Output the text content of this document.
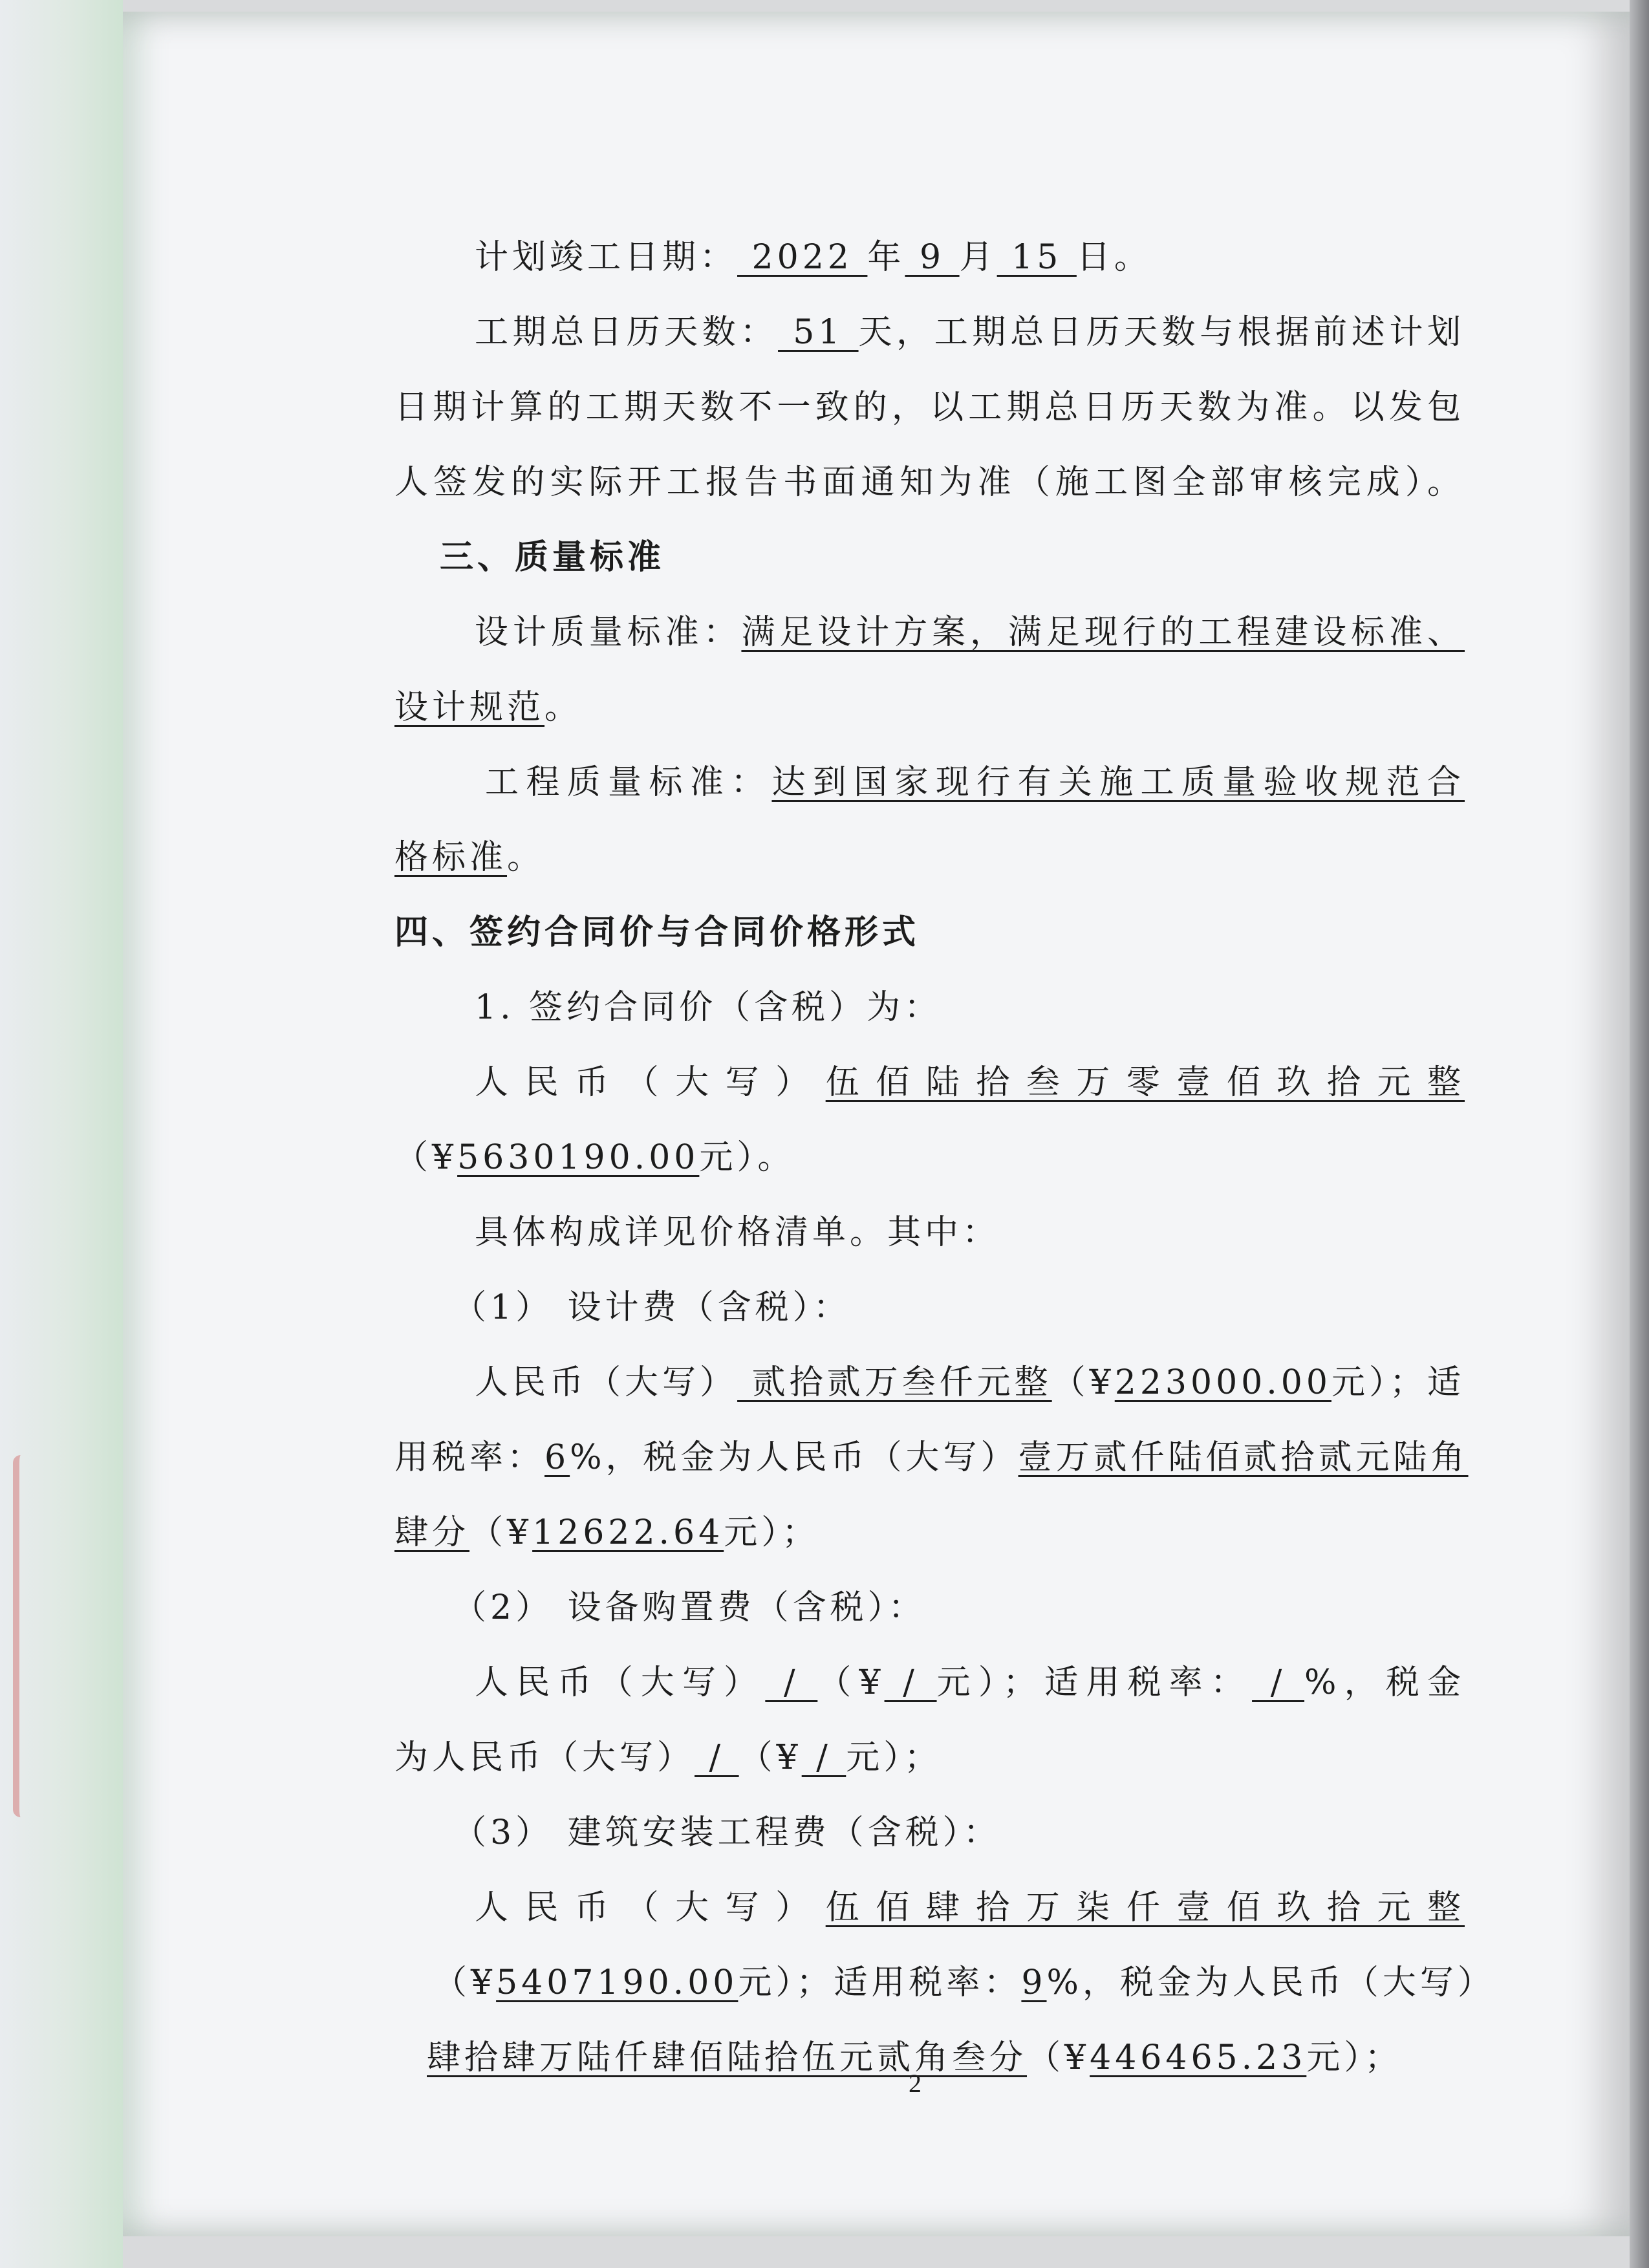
计划竣工日期： 2022 年 9 月 15 日。
工期总日历天数： 51 天，工期总日历天数与根据前述计划
日期计算的工期天数不一致的，以工期总日历天数为准。以发包
人签发的实际开工报告书面通知为准（施工图全部审核完成）。
三、质量标准
设计质量标准：满足设计方案，满足现行的工程建设标准、
设计规范。
工程质量标准：达到国家现行有关施工质量验收规范合
格标准。
四、签约合同价与合同价格形式
1. 签约合同价（含税）为：
人民币（大写）伍佰陆拾叁万零壹佰玖拾元整
（¥5630190.00元）。
具体构成详见价格清单。其中：
（1） 设计费（含税）：
人民币（大写） 贰拾贰万叁仟元整（¥223000.00元）；适
用税率：6%，税金为人民币（大写）壹万贰仟陆佰贰拾贰元陆角
肆分（¥12622.64元）；
（2） 设备购置费（含税）：
人民币（大写） / （¥ / 元）；适用税率： / %，税金
为人民币（大写） / （¥ / 元）；
（3） 建筑安装工程费（含税）：
人民币（大写）伍佰肆拾万柒仟壹佰玖拾元整
（¥5407190.00元）；适用税率：9%，税金为人民币（大写）
肆拾肆万陆仟肆佰陆拾伍元贰角叁分（¥446465.23元）；
2
